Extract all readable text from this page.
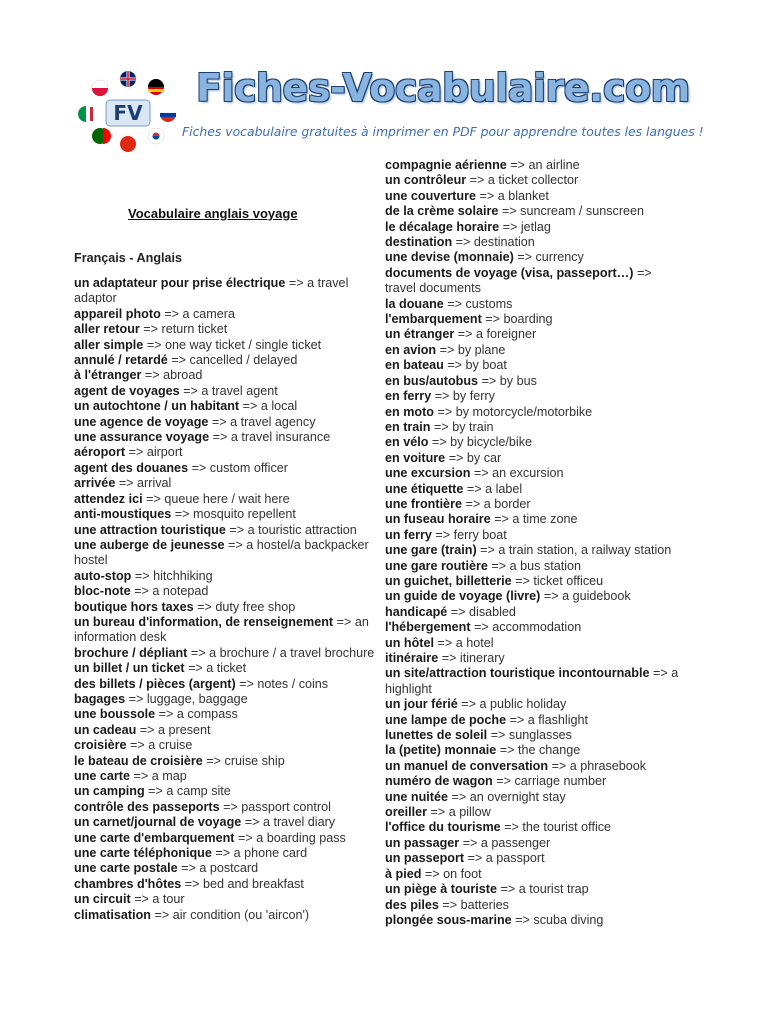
FV
Fiches-Vocabulaire.com
Fiches vocabulaire gratuites à imprimer en PDF pour apprendre toutes les langues !
Vocabulaire anglais voyage
Français - Anglais
un adaptateur pour prise électrique => a travel adaptor
appareil photo => a camera
aller retour => return ticket
aller simple => one way ticket / single ticket
annulé / retardé => cancelled / delayed
à l'étranger => abroad
agent de voyages => a travel agent
un autochtone / un habitant => a local
une agence de voyage => a travel agency
une assurance voyage => a travel insurance
aéroport => airport
agent des douanes => custom officer
arrivée => arrival
attendez ici => queue here / wait here
anti-moustiques => mosquito repellent
une attraction touristique => a touristic attraction
une auberge de jeunesse => a hostel/a backpacker hostel
auto-stop => hitchhiking
bloc-note => a notepad
boutique hors taxes => duty free shop
un bureau d'information, de renseignement => an information desk
brochure / dépliant => a brochure / a travel brochure
un billet / un ticket => a ticket
des billets / pièces (argent) => notes / coins
bagages => luggage, baggage
une boussole => a compass
un cadeau => a present
croisière => a cruise
le bateau de croisière => cruise ship
une carte => a map
un camping => a camp site
contrôle des passeports => passport control
un carnet/journal de voyage => a travel diary
une carte d'embarquement => a boarding pass
une carte téléphonique => a phone card
une carte postale => a postcard
chambres d'hôtes => bed and breakfast
un circuit => a tour
climatisation => air condition (ou 'aircon')
compagnie aérienne => an airline
un contrôleur => a ticket collector
une couverture => a blanket
de la crème solaire => suncream / sunscreen
le décalage horaire => jetlag
destination => destination
une devise (monnaie) => currency
documents de voyage (visa, passeport…) => travel documents
la douane => customs
l'embarquement => boarding
un étranger => a foreigner
en avion => by plane
en bateau => by boat
en bus/autobus => by bus
en ferry => by ferry
en moto => by motorcycle/motorbike
en train => by train
en vélo => by bicycle/bike
en voiture => by car
une excursion => an excursion
une étiquette => a label
une frontière => a border
un fuseau horaire => a time zone
un ferry => ferry boat
une gare (train) => a train station, a railway station
une gare routière => a bus station
un guichet, billetterie => ticket officeu
un guide de voyage (livre) => a guidebook
handicapé => disabled
l'hébergement => accommodation
un hôtel => a hotel
itinéraire => itinerary
un site/attraction touristique incontournable => a highlight
un jour férié => a public holiday
une lampe de poche => a flashlight
lunettes de soleil => sunglasses
la (petite) monnaie => the change
un manuel de conversation => a phrasebook
numéro de wagon => carriage number
une nuitée => an overnight stay
oreiller => a pillow
l'office du tourisme => the tourist office
un passager => a passenger
un passeport => a passport
à pied => on foot
un piège à touriste => a tourist trap
des piles => batteries
plongée sous-marine => scuba diving
